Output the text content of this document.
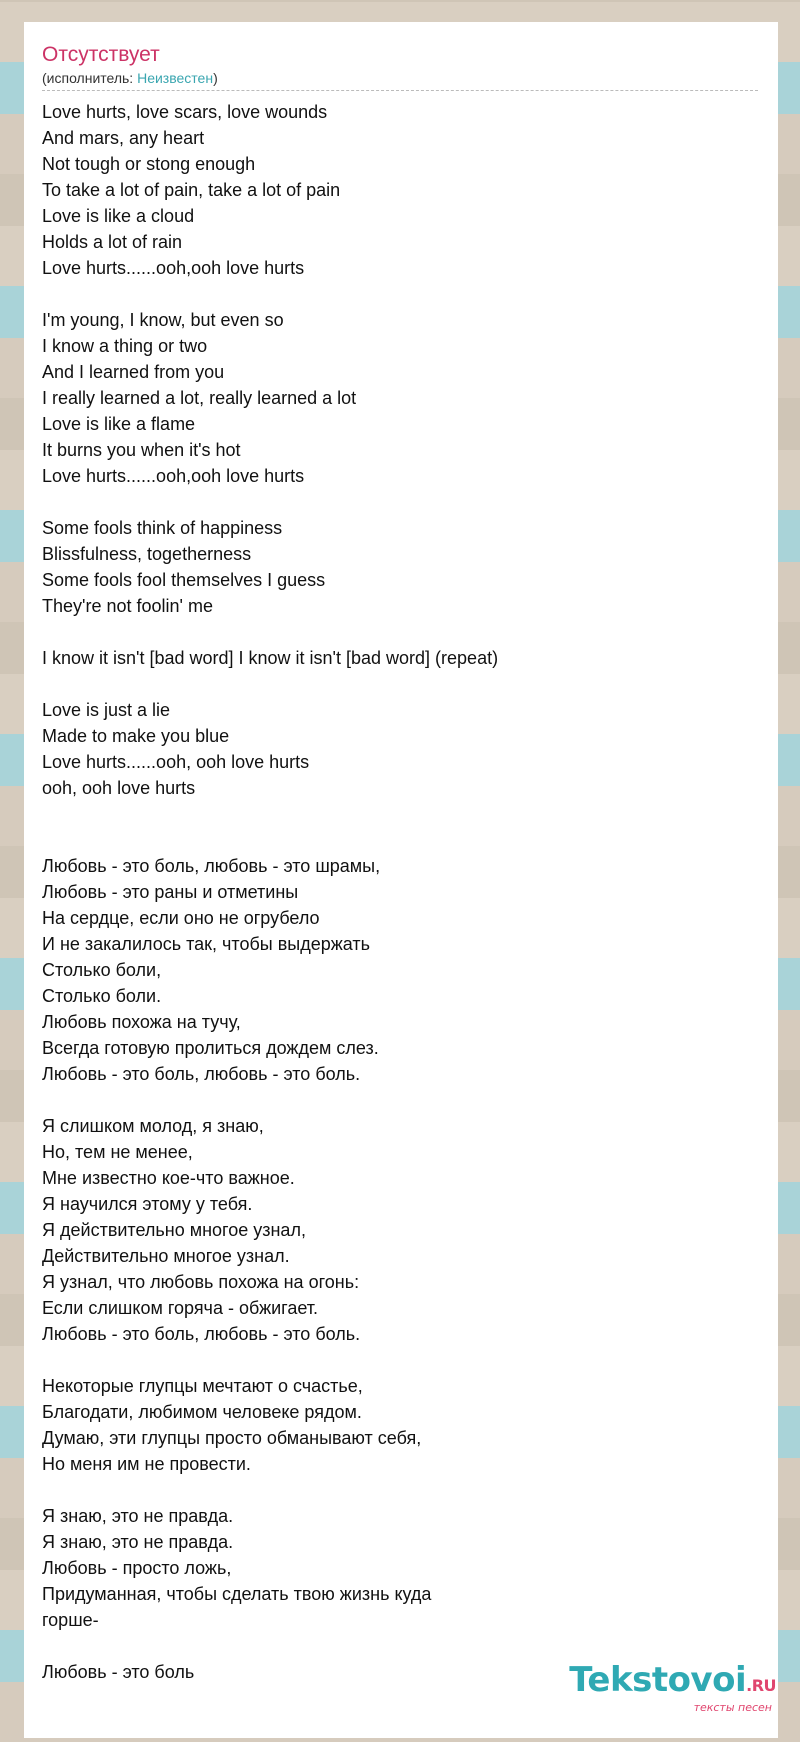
Отсутствует

(исполнитель: Неизвестен)

Love hurts, love scars, love wounds
And mars, any heart
Not tough or stong enough
To take a lot of pain, take a lot of pain
Love is like a cloud
Holds a lot of rain
Love hurts......ooh,ooh love hurts

I'm young, I know, but even so
I know a thing or two
And I learned from you
I really learned a lot, really learned a lot
Love is like a flame
It burns you when it's hot
Love hurts......ooh,ooh love hurts

Some fools think of happiness
Blissfulness, togetherness
Some fools fool themselves I guess
They're not foolin' me

I know it isn't [bad word] I know it isn't [bad word] (repeat)

Love is just a lie
Made to make you blue
Love hurts......ooh, ooh love hurts
ooh, ooh love hurts

Любовь - это боль, любовь - это шрамы,
Любовь - это раны и отметины
На сердце, если оно не огрубело
И не закалилось так, чтобы выдержать
Столько боли,
Столько боли.
Любовь похожа на тучу,
Всегда готовую пролиться дождем слез.
Любовь - это боль, любовь - это боль.

Я слишком молод, я знаю,
Но, тем не менее,
Мне известно кое-что важное.
Я научился этому у тебя.
Я действительно многое узнал,
Действительно многое узнал.
Я узнал, что любовь похожа на огонь:
Если слишком горяча - обжигает.
Любовь - это боль, любовь - это боль.

Некоторые глупцы мечтают о счастье,
Благодати, любимом человеке рядом.
Думаю, эти глупцы просто обманывают себя,
Но меня им не провести.

Я знаю, это не правда.
Я знаю, это не правда.
Любовь - просто ложь,
Придуманная, чтобы сделать твою жизнь куда
горше-

Любовь - это боль	Tekstovoi.RU
тексты песен
